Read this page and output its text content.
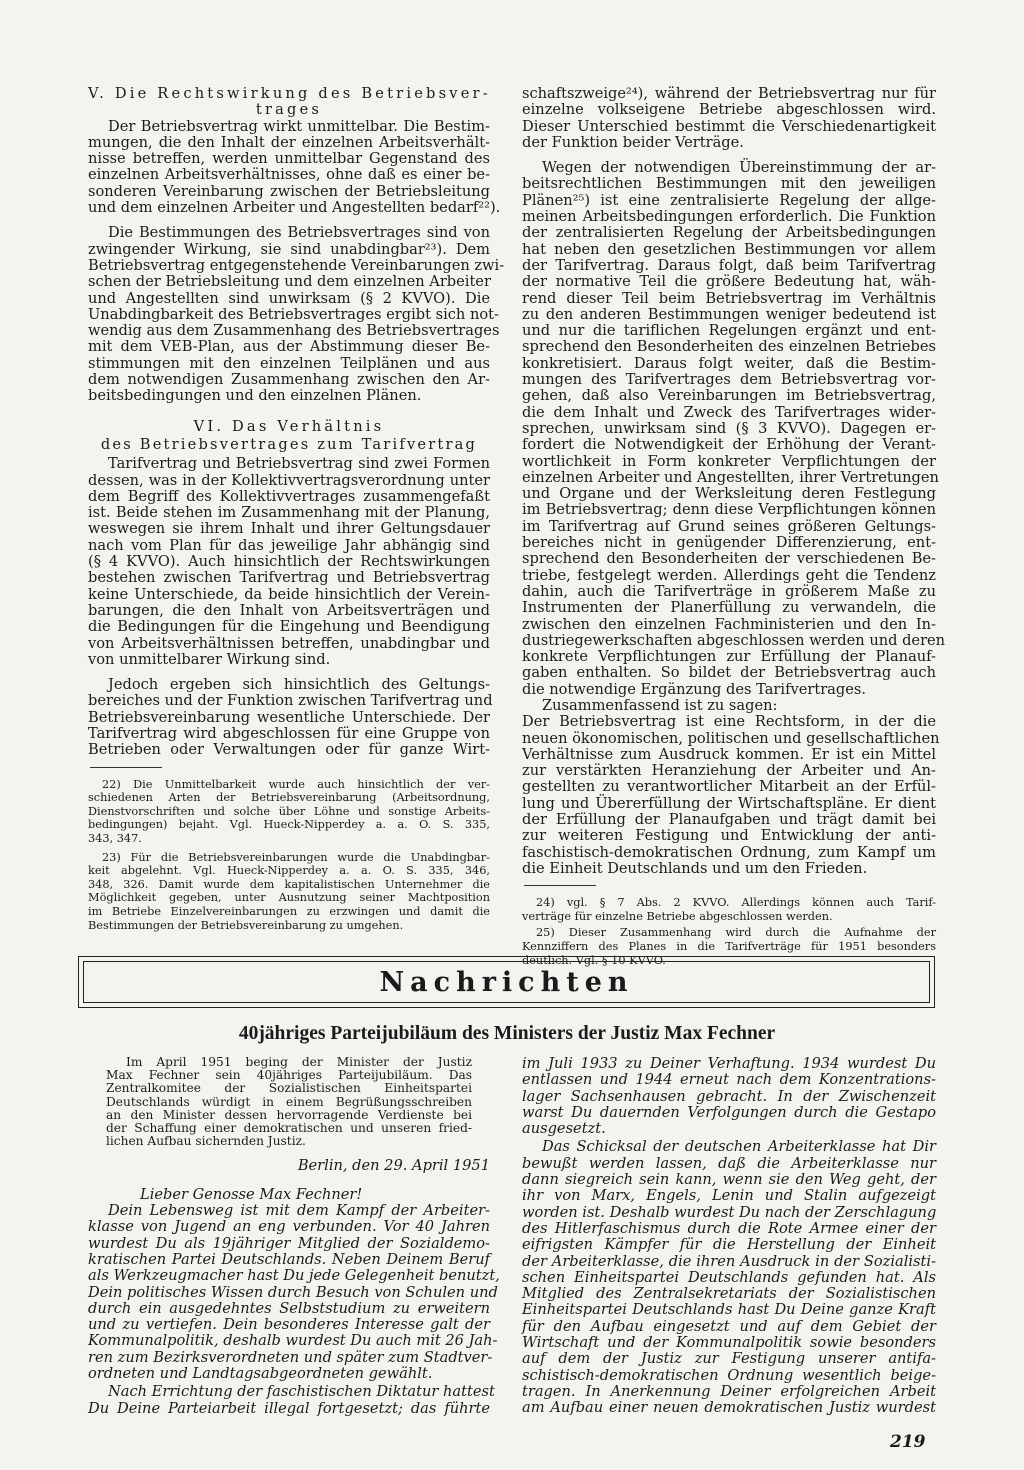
V. Die Rechtswirkung des Betriebsver-
trages
Der Betriebsvertrag wirkt unmittelbar. Die Bestim-
mungen, die den Inhalt der einzelnen Arbeitsverhält-
nisse betreffen, werden unmittelbar Gegenstand des
einzelnen Arbeitsverhältnisses, ohne daß es einer be-
sonderen Vereinbarung zwischen der Betriebsleitung
und dem einzelnen Arbeiter und Angestellten bedarf²²).
Die Bestimmungen des Betriebsvertrages sind von
zwingender Wirkung, sie sind unabdingbar²³). Dem
Betriebsvertrag entgegenstehende Vereinbarungen zwi-
schen der Betriebsleitung und dem einzelnen Arbeiter
und Angestellten sind unwirksam (§ 2 KVVO). Die
Unabdingbarkeit des Betriebsvertrages ergibt sich not-
wendig aus dem Zusammenhang des Betriebsvertrages
mit dem VEB-Plan, aus der Abstimmung dieser Be-
stimmungen mit den einzelnen Teilplänen und aus
dem notwendigen Zusammenhang zwischen den Ar-
beitsbedingungen und den einzelnen Plänen.
VI. Das Verhältnis
des Betriebsvertrages zum Tarifvertrag
Tarifvertrag und Betriebsvertrag sind zwei Formen
dessen, was in der Kollektivvertragsverordnung unter
dem Begriff des Kollektivvertrages zusammengefaßt
ist. Beide stehen im Zusammenhang mit der Planung,
weswegen sie ihrem Inhalt und ihrer Geltungsdauer
nach vom Plan für das jeweilige Jahr abhängig sind
(§ 4 KVVO). Auch hinsichtlich der Rechtswirkungen
bestehen zwischen Tarifvertrag und Betriebsvertrag
keine Unterschiede, da beide hinsichtlich der Verein-
barungen, die den Inhalt von Arbeitsverträgen und
die Bedingungen für die Eingehung und Beendigung
von Arbeitsverhältnissen betreffen, unabdingbar und
von unmittelbarer Wirkung sind.
Jedoch ergeben sich hinsichtlich des Geltungs-
bereiches und der Funktion zwischen Tarifvertrag und
Betriebsvereinbarung wesentliche Unterschiede. Der
Tarifvertrag wird abgeschlossen für eine Gruppe von
Betrieben oder Verwaltungen oder für ganze Wirt-
22) Die Unmittelbarkeit wurde auch hinsichtlich der ver-
schiedenen Arten der Betriebsvereinbarung (Arbeitsordnung,
Dienstvorschriften und solche über Löhne und sonstige Arbeits-
bedingungen) bejaht. Vgl. Hueck-Nipperdey a. a. O. S. 335,
343, 347.
23) Für die Betriebsvereinbarungen wurde die Unabdingbar-
keit abgelehnt. Vgl. Hueck-Nipperdey a. a. O. S. 335, 346,
348, 326. Damit wurde dem kapitalistischen Unternehmer die
Möglichkeit gegeben, unter Ausnutzung seiner Machtposition
im Betriebe Einzelvereinbarungen zu erzwingen und damit die
Bestimmungen der Betriebsvereinbarung zu umgehen.
schaftszweige²⁴), während der Betriebsvertrag nur für
einzelne volkseigene Betriebe abgeschlossen wird.
Dieser Unterschied bestimmt die Verschiedenartigkeit
der Funktion beider Verträge.
Wegen der notwendigen Übereinstimmung der ar-
beitsrechtlichen Bestimmungen mit den jeweiligen
Plänen²⁵) ist eine zentralisierte Regelung der allge-
meinen Arbeitsbedingungen erforderlich. Die Funktion
der zentralisierten Regelung der Arbeitsbedingungen
hat neben den gesetzlichen Bestimmungen vor allem
der Tarifvertrag. Daraus folgt, daß beim Tarifvertrag
der normative Teil die größere Bedeutung hat, wäh-
rend dieser Teil beim Betriebsvertrag im Verhältnis
zu den anderen Bestimmungen weniger bedeutend ist
und nur die tariflichen Regelungen ergänzt und ent-
sprechend den Besonderheiten des einzelnen Betriebes
konkretisiert. Daraus folgt weiter, daß die Bestim-
mungen des Tarifvertrages dem Betriebsvertrag vor-
gehen, daß also Vereinbarungen im Betriebsvertrag,
die dem Inhalt und Zweck des Tarifvertrages wider-
sprechen, unwirksam sind (§ 3 KVVO). Dagegen er-
fordert die Notwendigkeit der Erhöhung der Verant-
wortlichkeit in Form konkreter Verpflichtungen der
einzelnen Arbeiter und Angestellten, ihrer Vertretungen
und Organe und der Werksleitung deren Festlegung
im Betriebsvertrag; denn diese Verpflichtungen können
im Tarifvertrag auf Grund seines größeren Geltungs-
bereiches nicht in genügender Differenzierung, ent-
sprechend den Besonderheiten der verschiedenen Be-
triebe, festgelegt werden. Allerdings geht die Tendenz
dahin, auch die Tarifverträge in größerem Maße zu
Instrumenten der Planerfüllung zu verwandeln, die
zwischen den einzelnen Fachministerien und den In-
dustriegewerkschaften abgeschlossen werden und deren
konkrete Verpflichtungen zur Erfüllung der Planauf-
gaben enthalten. So bildet der Betriebsvertrag auch
die notwendige Ergänzung des Tarifvertrages.
Zusammenfassend ist zu sagen:
Der Betriebsvertrag ist eine Rechtsform, in der die
neuen ökonomischen, politischen und gesellschaftlichen
Verhältnisse zum Ausdruck kommen. Er ist ein Mittel
zur verstärkten Heranziehung der Arbeiter und An-
gestellten zu verantwortlicher Mitarbeit an der Erfül-
lung und Übererfüllung der Wirtschaftspläne. Er dient
der Erfüllung der Planaufgaben und trägt damit bei
zur weiteren Festigung und Entwicklung der anti-
faschistisch-demokratischen Ordnung, zum Kampf um
die Einheit Deutschlands und um den Frieden.
24) vgl. § 7 Abs. 2 KVVO. Allerdings können auch Tarif-
verträge für einzelne Betriebe abgeschlossen werden.
25) Dieser Zusammenhang wird durch die Aufnahme der
Kennziffern des Planes in die Tarifverträge für 1951 besonders
deutlich. Vgl. § 10 KVVO.
Nachrichten
40jähriges Parteijubiläum des Ministers der Justiz Max Fechner
Im April 1951 beging der Minister der Justiz
Max Fechner sein 40jähriges Parteijubiläum. Das
Zentralkomitee der Sozialistischen Einheitspartei
Deutschlands würdigt in einem Begrüßungsschreiben
an den Minister dessen hervorragende Verdienste bei
der Schaffung einer demokratischen und unseren fried-
lichen Aufbau sichernden Justiz.
Berlin, den 29. April 1951
Lieber Genosse Max Fechner!
Dein Lebensweg ist mit dem Kampf der Arbeiter-
klasse von Jugend an eng verbunden. Vor 40 Jahren
wurdest Du als 19jähriger Mitglied der Sozialdemo-
kratischen Partei Deutschlands. Neben Deinem Beruf
als Werkzeugmacher hast Du jede Gelegenheit benutzt,
Dein politisches Wissen durch Besuch von Schulen und
durch ein ausgedehntes Selbststudium zu erweitern
und zu vertiefen. Dein besonderes Interesse galt der
Kommunalpolitik, deshalb wurdest Du auch mit 26 Jah-
ren zum Bezirksverordneten und später zum Stadtver-
ordneten und Landtagsabgeordneten gewählt.
Nach Errichtung der faschistischen Diktatur hattest
Du Deine Parteiarbeit illegal fortgesetzt; das führte
im Juli 1933 zu Deiner Verhaftung. 1934 wurdest Du
entlassen und 1944 erneut nach dem Konzentrations-
lager Sachsenhausen gebracht. In der Zwischenzeit
warst Du dauernden Verfolgungen durch die Gestapo
ausgesetzt.
Das Schicksal der deutschen Arbeiterklasse hat Dir
bewußt werden lassen, daß die Arbeiterklasse nur
dann siegreich sein kann, wenn sie den Weg geht, der
ihr von Marx, Engels, Lenin und Stalin aufgezeigt
worden ist. Deshalb wurdest Du nach der Zerschlagung
des Hitlerfaschismus durch die Rote Armee einer der
eifrigsten Kämpfer für die Herstellung der Einheit
der Arbeiterklasse, die ihren Ausdruck in der Sozialisti-
schen Einheitspartei Deutschlands gefunden hat. Als
Mitglied des Zentralsekretariats der Sozialistischen
Einheitspartei Deutschlands hast Du Deine ganze Kraft
für den Aufbau eingesetzt und auf dem Gebiet der
Wirtschaft und der Kommunalpolitik sowie besonders
auf dem der Justiz zur Festigung unserer antifa-
schistisch-demokratischen Ordnung wesentlich beige-
tragen. In Anerkennung Deiner erfolgreichen Arbeit
am Aufbau einer neuen demokratischen Justiz wurdest
219
